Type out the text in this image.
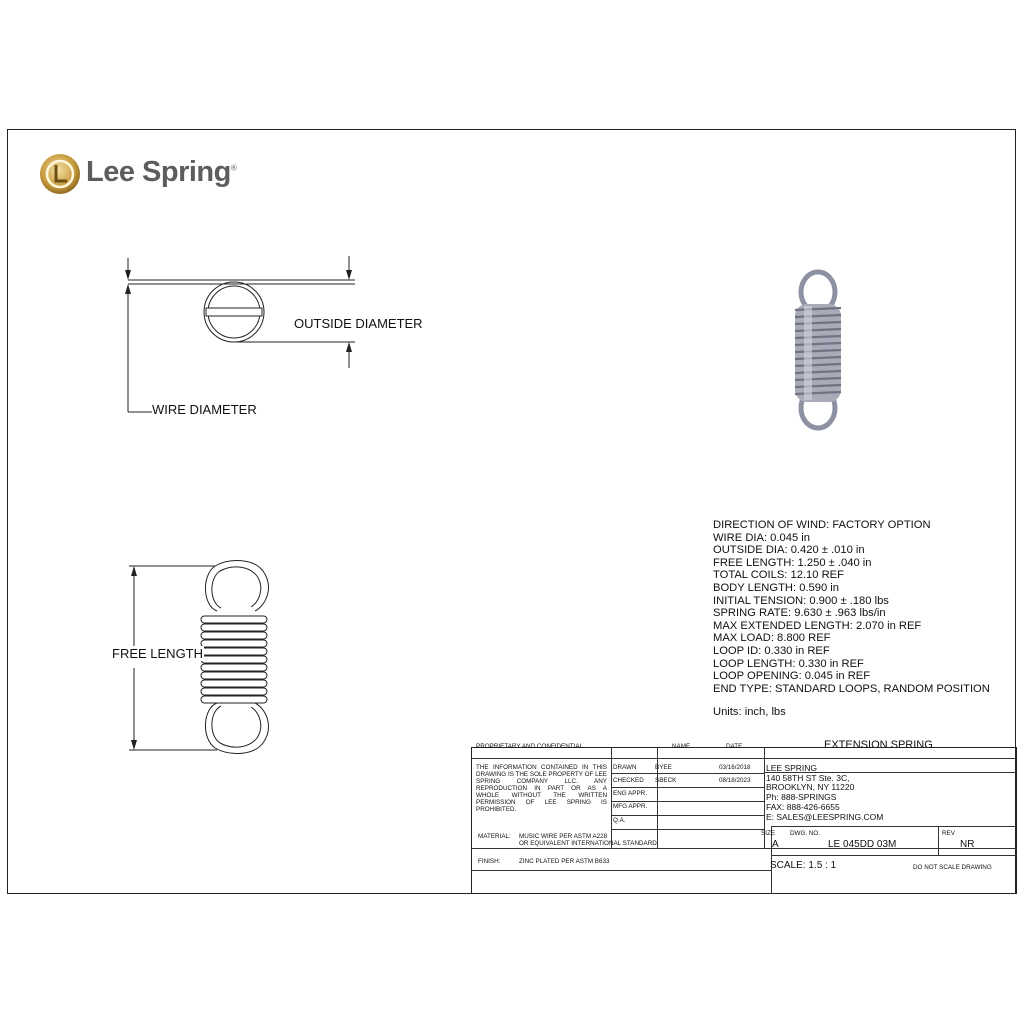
Lee Spring®
OUTSIDE DIAMETER
WIRE DIAMETER
FREE LENGTH
DIRECTION OF WIND: FACTORY OPTION
WIRE DIA: 0.045 in
OUTSIDE DIA: 0.420 ± .010 in
FREE LENGTH: 1.250 ± .040 in
TOTAL COILS: 12.10 REF
BODY LENGTH: 0.590 in
INITIAL TENSION: 0.900 ± .180 lbs
SPRING RATE: 9.630 ± .963 lbs/in
MAX EXTENDED LENGTH: 2.070 in REF
MAX LOAD: 8.800 REF
LOOP ID: 0.330 in REF
LOOP LENGTH: 0.330 in REF
LOOP OPENING: 0.045 in REF
END TYPE: STANDARD LOOPS, RANDOM POSITION
Units: inch, lbs
EXTENSION SPRING
PROPRIETARY AND CONFIDENTIAL	NAME	DATE
THE INFORMATION CONTAINED IN THIS
DRAWING IS THE SOLE PROPERTY OF LEE
SPRING COMPANY LLC. ANY
REPRODUCTION IN PART OR AS A
WHOLE WITHOUT THE WRITTEN
PERMISSION OF LEE SPRING IS
PROHIBITED.
DRAWN	BYEE	03/16/2018
CHECKED SBECK	08/18/2023
ENG APPR.
MFG APPR.
Q.A.
MATERIAL: MUSIC WIRE PER ASTM A228
OR EQUIVALENT INTERNATIONAL STANDARD
FINISH:	ZINC PLATED PER ASTM B633
LEE SPRING
140 58TH ST Ste. 3C,
BROOKLYN, NY 11220
Ph: 888-SPRINGS
FAX: 888-426-6655
E: SALES@LEESPRING.COM
SIZE DWG. NO.	REV
A	LE 045DD 03M	NR
SCALE: 1.5 : 1	DO NOT SCALE DRAWING
